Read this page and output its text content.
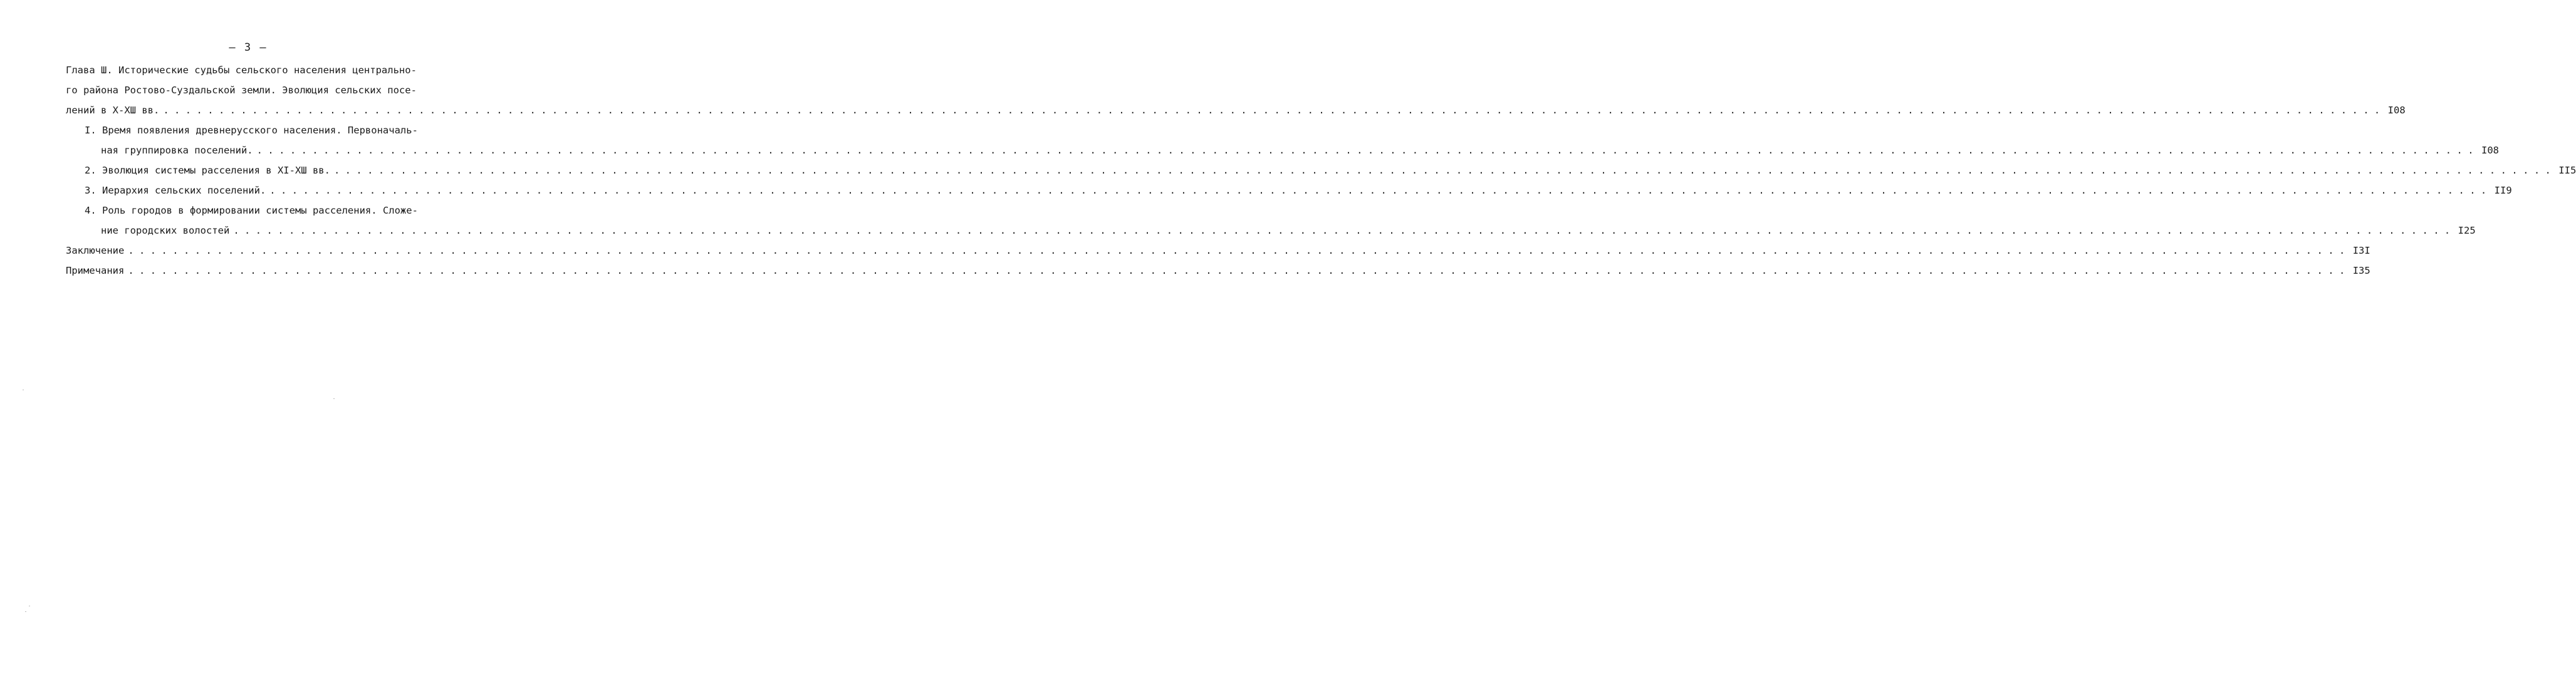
– 3 –
Глава Ш. Исторические судьбы сельского населения центрально-
го района Ростово-Суздальской земли. Эволюция сельских посе-
лений в Х-ХШ вв. ........................................................................................................................................................................................................ I08
I. Время появления древнерусского населения. Первоначаль-
ная группировка поселений. ........................................................................................................................................................................................................ I08
2. Эволюция системы расселения в ХI-ХШ вв. ........................................................................................................................................................................................................ II5
3. Иерархия сельских поселений. ........................................................................................................................................................................................................ II9
4. Роль городов в формировании системы расселения. Сложе-
ние городских волостей ........................................................................................................................................................................................................ I25
Заключение ........................................................................................................................................................................................................ I3I
Примечания ........................................................................................................................................................................................................ I35
